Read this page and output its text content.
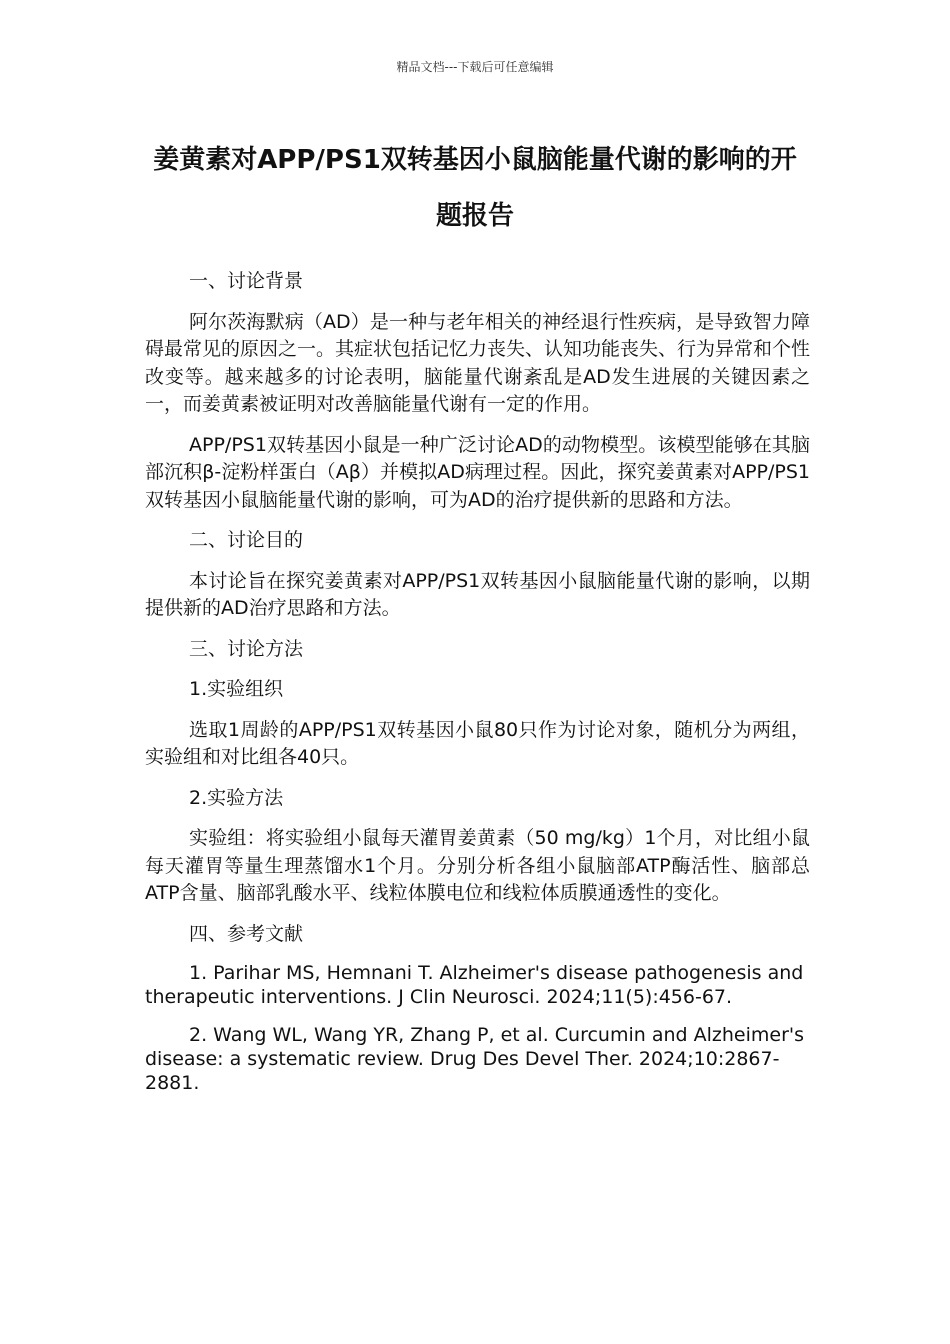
精品文档---下载后可任意编辑
姜黄素对APP/PS1双转基因小鼠脑能量代谢的影响的开题报告

一、讨论背景

阿尔茨海默病（AD）是一种与老年相关的神经退行性疾病，是导致智力障碍最常见的原因之一。其症状包括记忆力丧失、认知功能丧失、行为异常和个性改变等。越来越多的讨论表明，脑能量代谢紊乱是AD发生进展的关键因素之一，而姜黄素被证明对改善脑能量代谢有一定的作用。

APP/PS1双转基因小鼠是一种广泛讨论AD的动物模型。该模型能够在其脑部沉积β-淀粉样蛋白（Aβ）并模拟AD病理过程。因此，探究姜黄素对APP/PS1双转基因小鼠脑能量代谢的影响，可为AD的治疗提供新的思路和方法。

二、讨论目的

本讨论旨在探究姜黄素对APP/PS1双转基因小鼠脑能量代谢的影响，以期提供新的AD治疗思路和方法。

三、讨论方法

1.实验组织

选取1周龄的APP/PS1双转基因小鼠80只作为讨论对象，随机分为两组，实验组和对比组各40只。

2.实验方法

实验组：将实验组小鼠每天灌胃姜黄素（50 mg/kg）1个月，对比组小鼠每天灌胃等量生理蒸馏水1个月。分别分析各组小鼠脑部ATP酶活性、脑部总ATP含量、脑部乳酸水平、线粒体膜电位和线粒体质膜通透性的变化。

四、参考文献

1. Parihar MS, Hemnani T. Alzheimer's disease pathogenesis and therapeutic interventions. J Clin Neurosci. 2024;11(5):456-67.

2. Wang WL, Wang YR, Zhang P, et al. Curcumin and Alzheimer's disease: a systematic review. Drug Des Devel Ther. 2024;10:2867-2881.
